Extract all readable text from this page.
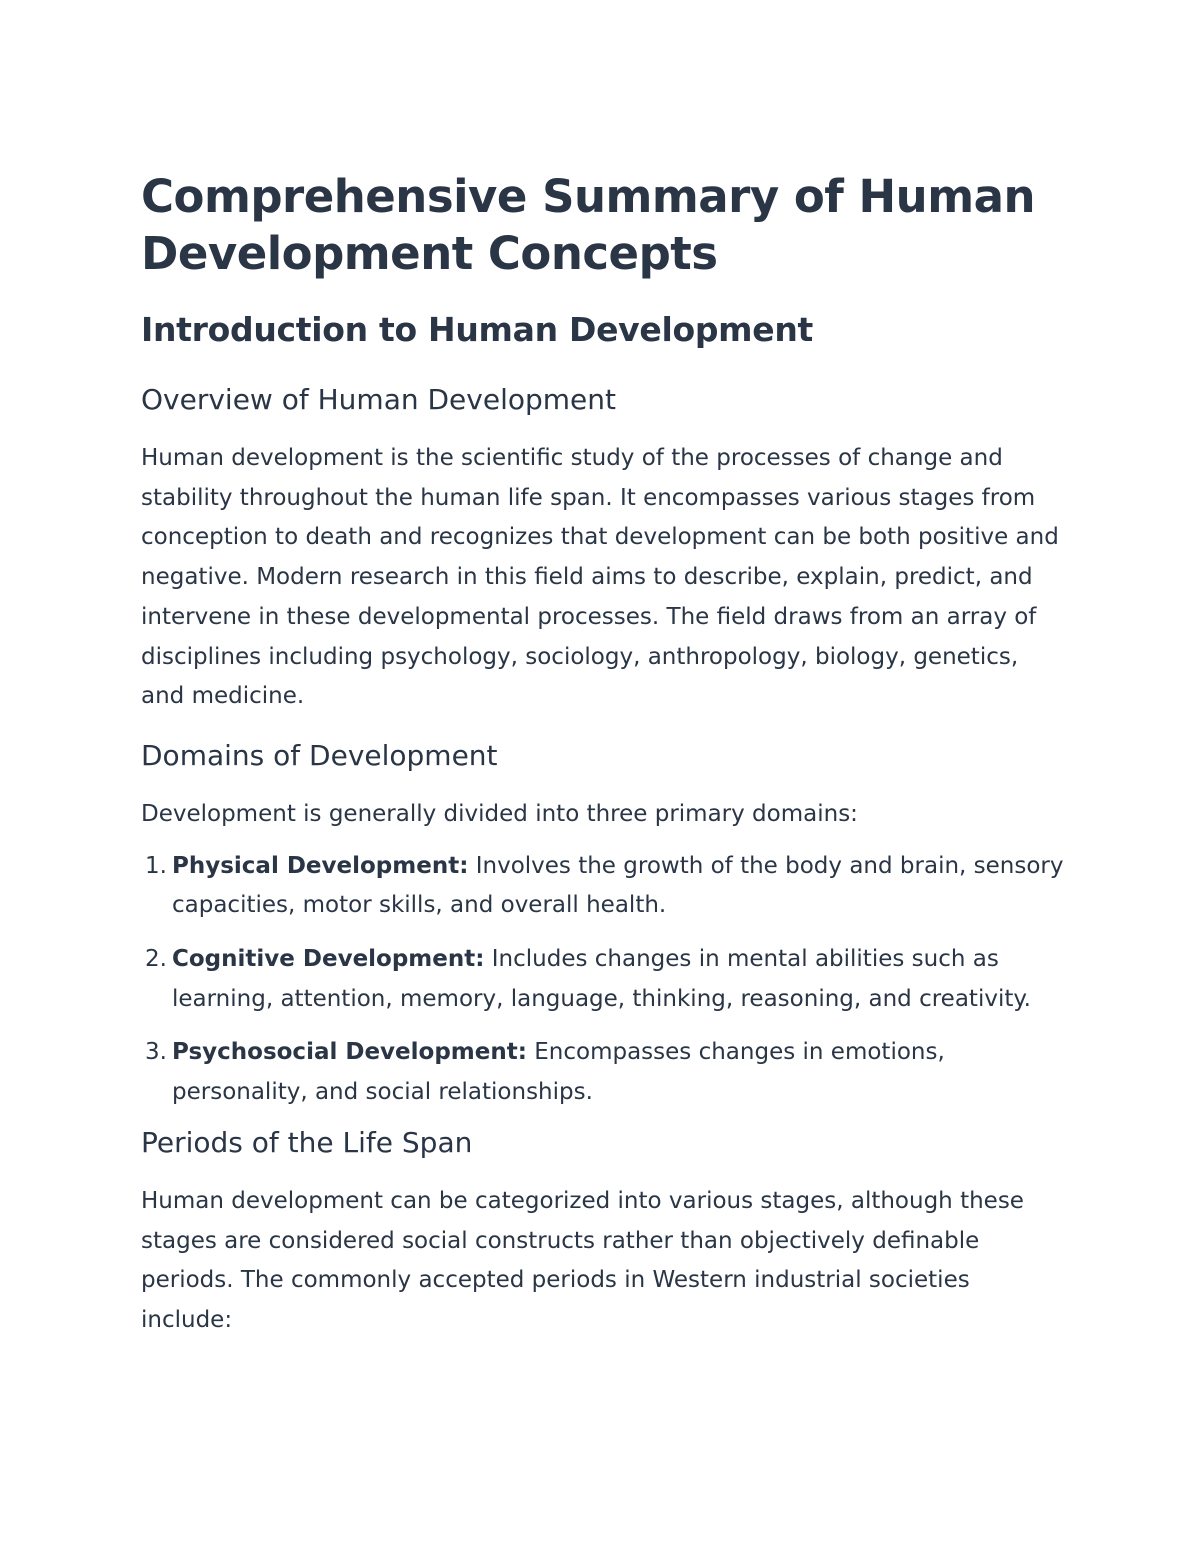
Comprehensive Summary of Human Development Concepts
Introduction to Human Development
Overview of Human Development

Human development is the scientific study of the processes of change and stability throughout the human life span. It encompasses various stages from conception to death and recognizes that development can be both positive and negative. Modern research in this field aims to describe, explain, predict, and intervene in these developmental processes. The field draws from an array of disciplines including psychology, sociology, anthropology, biology, genetics, and medicine.

Domains of Development

Development is generally divided into three primary domains:

1. Physical Development: Involves the growth of the body and brain, sensory capacities, motor skills, and overall health.
2. Cognitive Development: Includes changes in mental abilities such as learning, attention, memory, language, thinking, reasoning, and creativity.
3. Psychosocial Development: Encompasses changes in emotions, personality, and social relationships.
Periods of the Life Span

Human development can be categorized into various stages, although these stages are considered social constructs rather than objectively definable periods. The commonly accepted periods in Western industrial societies include:
